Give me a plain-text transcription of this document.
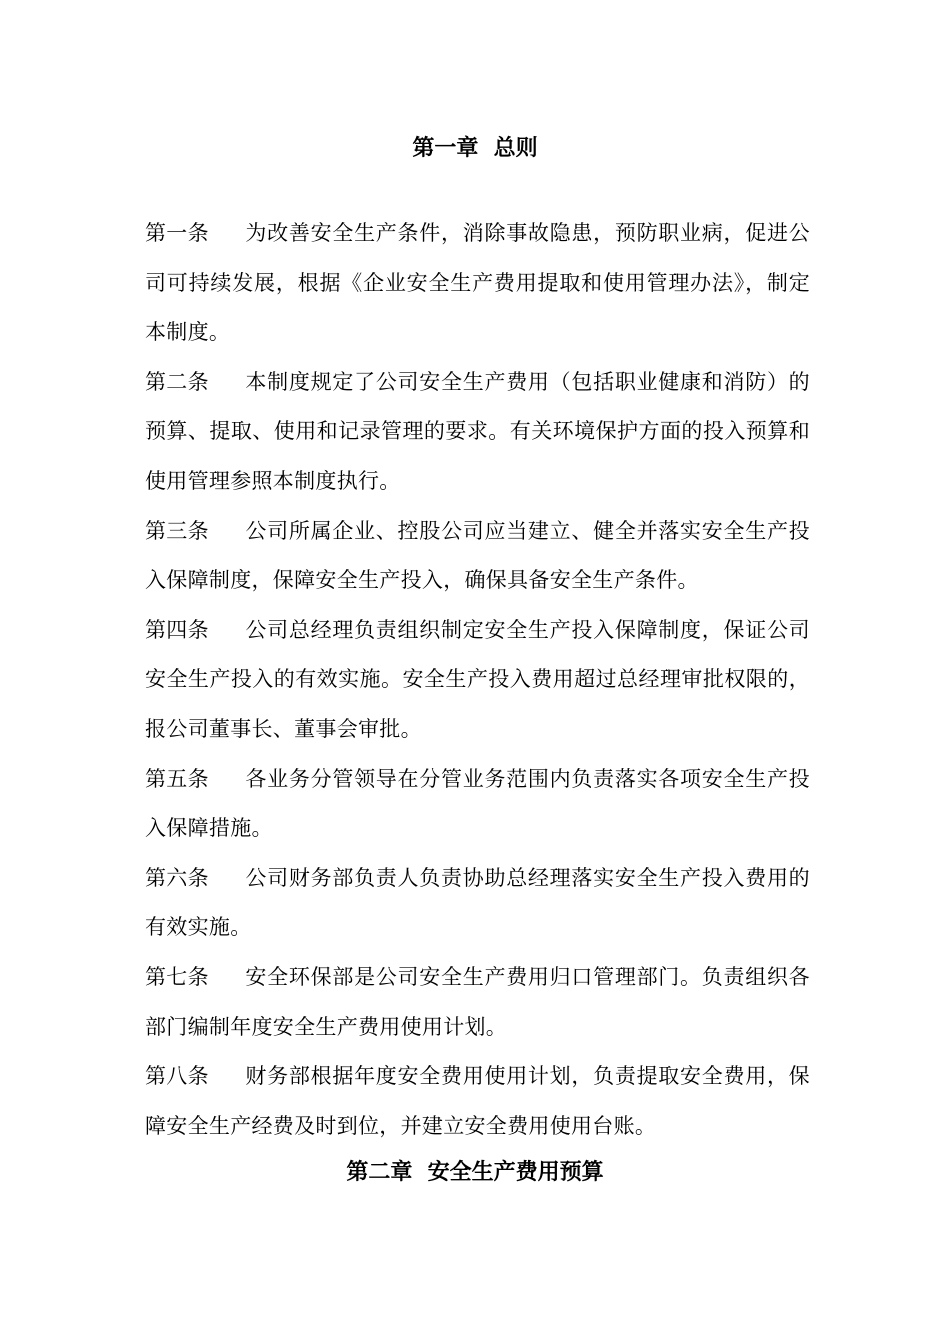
第一章  总则
第一条 为改善安全生产条件，消除事故隐患，预防职业病，促进公司可持续发展，根据《企业安全生产费用提取和使用管理办法》，制定本制度。
第二条 本制度规定了公司安全生产费用（包括职业健康和消防）的预算、提取、使用和记录管理的要求。有关环境保护方面的投入预算和使用管理参照本制度执行。
第三条 公司所属企业、控股公司应当建立、健全并落实安全生产投入保障制度，保障安全生产投入，确保具备安全生产条件。
第四条 公司总经理负责组织制定安全生产投入保障制度，保证公司安全生产投入的有效实施。安全生产投入费用超过总经理审批权限的，报公司董事长、董事会审批。
第五条 各业务分管领导在分管业务范围内负责落实各项安全生产投入保障措施。
第六条 公司财务部负责人负责协助总经理落实安全生产投入费用的有效实施。
第七条 安全环保部是公司安全生产费用归口管理部门。负责组织各部门编制年度安全生产费用使用计划。
第八条 财务部根据年度安全费用使用计划，负责提取安全费用，保障安全生产经费及时到位，并建立安全费用使用台账。
第二章  安全生产费用预算
